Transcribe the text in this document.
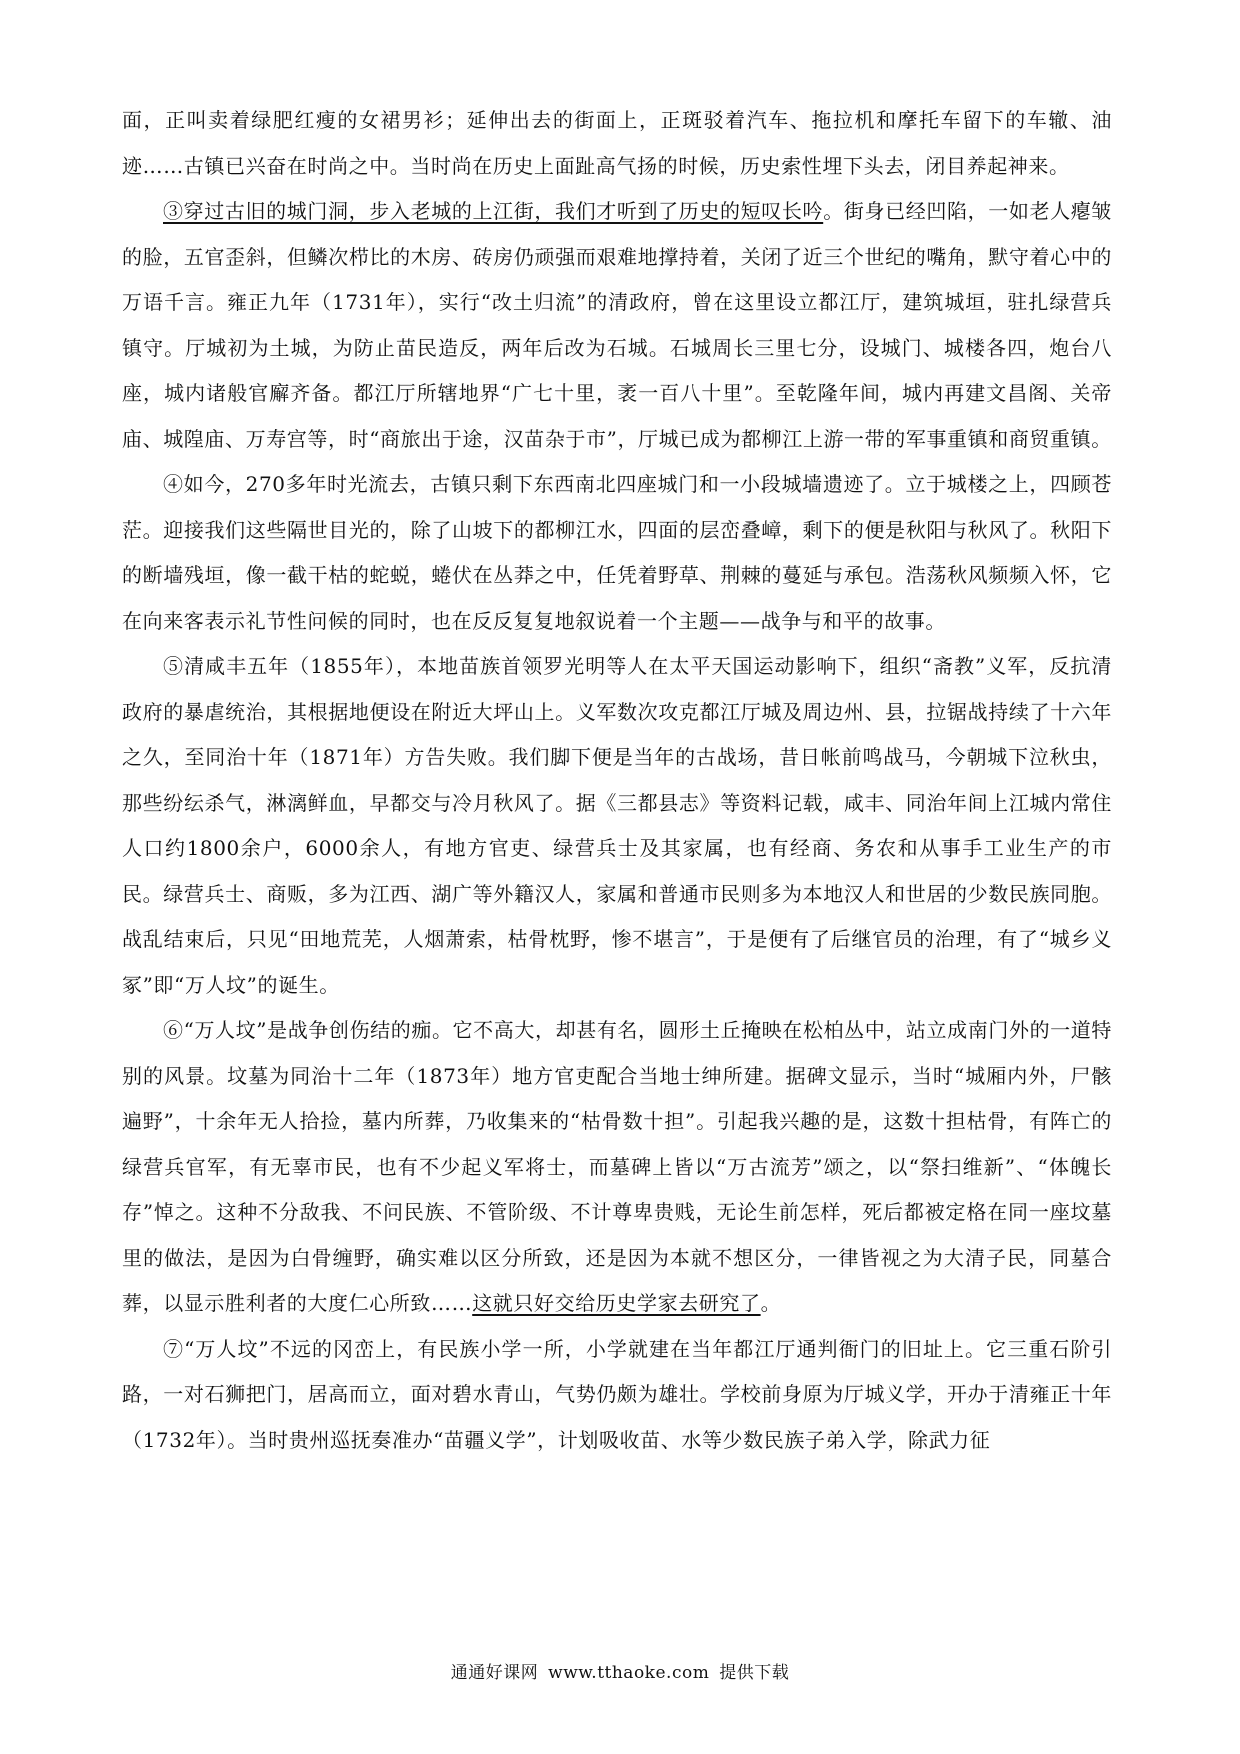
面，正叫卖着绿肥红瘦的女裙男衫；延伸出去的街面上，正斑驳着汽车、拖拉机和摩托车留下的车辙、油迹……古镇已兴奋在时尚之中。当时尚在历史上面趾高气扬的时候，历史索性埋下头去，闭目养起神来。

③穿过古旧的城门洞，步入老城的上江街，我们才听到了历史的短叹长吟。街身已经凹陷，一如老人瘪皱的脸，五官歪斜，但鳞次栉比的木房、砖房仍顽强而艰难地撑持着，关闭了近三个世纪的嘴角，默守着心中的万语千言。雍正九年（1731年），实行“改土归流”的清政府，曾在这里设立都江厅，建筑城垣，驻扎绿营兵镇守。厅城初为土城，为防止苗民造反，两年后改为石城。石城周长三里七分，设城门、城楼各四，炮台八座，城内诸般官廨齐备。都江厅所辖地界“广七十里，袤一百八十里”。至乾隆年间，城内再建文昌阁、关帝庙、城隍庙、万寿宫等，时“商旅出于途，汉苗杂于市”，厅城已成为都柳江上游一带的军事重镇和商贸重镇。

④如今，270多年时光流去，古镇只剩下东西南北四座城门和一小段城墙遗迹了。立于城楼之上，四顾苍茫。迎接我们这些隔世目光的，除了山坡下的都柳江水，四面的层峦叠嶂，剩下的便是秋阳与秋风了。秋阳下的断墙残垣，像一截干枯的蛇蜕，蜷伏在丛莽之中，任凭着野草、荆棘的蔓延与承包。浩荡秋风频频入怀，它在向来客表示礼节性问候的同时，也在反反复复地叙说着一个主题——战争与和平的故事。

⑤清咸丰五年（1855年），本地苗族首领罗光明等人在太平天国运动影响下，组织“斋教”义军，反抗清政府的暴虐统治，其根据地便设在附近大坪山上。义军数次攻克都江厅城及周边州、县，拉锯战持续了十六年之久，至同治十年（1871年）方告失败。我们脚下便是当年的古战场，昔日帐前鸣战马，今朝城下泣秋虫，那些纷纭杀气，淋漓鲜血，早都交与冷月秋风了。据《三都县志》等资料记载，咸丰、同治年间上江城内常住人口约1800余户，6000余人，有地方官吏、绿营兵士及其家属，也有经商、务农和从事手工业生产的市民。绿营兵士、商贩，多为江西、湖广等外籍汉人，家属和普通市民则多为本地汉人和世居的少数民族同胞。战乱结束后，只见“田地荒芜，人烟萧索，枯骨枕野，惨不堪言”，于是便有了后继官员的治理，有了“城乡义冢”即“万人坟”的诞生。

⑥“万人坟”是战争创伤结的痂。它不高大，却甚有名，圆形土丘掩映在松柏丛中，站立成南门外的一道特别的风景。坟墓为同治十二年（1873年）地方官吏配合当地士绅所建。据碑文显示，当时“城厢内外，尸骸遍野”，十余年无人拾捡，墓内所葬，乃收集来的“枯骨数十担”。引起我兴趣的是，这数十担枯骨，有阵亡的绿营兵官军，有无辜市民，也有不少起义军将士，而墓碑上皆以“万古流芳”颂之，以“祭扫维新”、“体魄长存”悼之。这种不分敌我、不问民族、不管阶级、不计尊卑贵贱，无论生前怎样，死后都被定格在同一座坟墓里的做法，是因为白骨缠野，确实难以区分所致，还是因为本就不想区分，一律皆视之为大清子民，同墓合葬，以显示胜利者的大度仁心所致……这就只好交给历史学家去研究了。

⑦“万人坟”不远的冈峦上，有民族小学一所，小学就建在当年都江厅通判衙门的旧址上。它三重石阶引路，一对石狮把门，居高而立，面对碧水青山，气势仍颇为雄壮。学校前身原为厅城义学，开办于清雍正十年（1732年）。当时贵州巡抚奏准办“苗疆义学”，计划吸收苗、水等少数民族子弟入学，除武力征

通通好课网 www.tthaoke.com 提供下载
